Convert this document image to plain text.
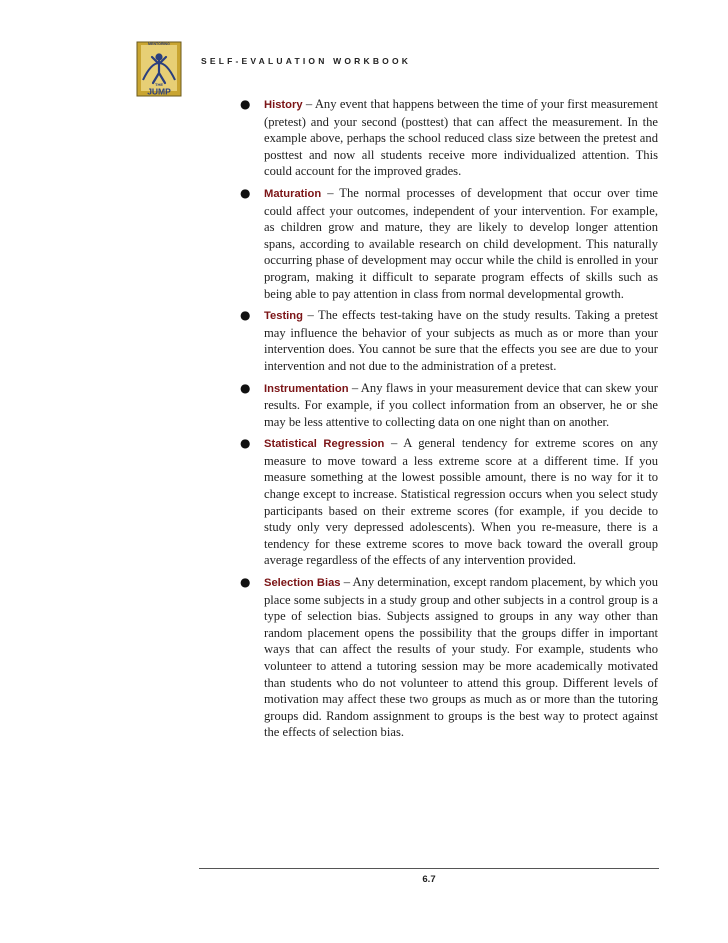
MENTORING
THE
JUMP
SELF-EVALUATION WORKBOOK
● History – Any event that happens between the time of your first measurement (pretest) and your second (posttest) that can affect the measurement. In the example above, perhaps the school reduced class size between the pretest and posttest and now all students receive more individualized attention. This could account for the improved grades.
● Maturation – The normal processes of development that occur over time could affect your outcomes, independent of your intervention. For example, as children grow and mature, they are likely to develop longer attention spans, according to available research on child development. This naturally occurring phase of development may occur while the child is enrolled in your program, making it difficult to separate program effects of skills such as being able to pay attention in class from normal developmental growth.
● Testing – The effects test-taking have on the study results. Taking a pretest may influence the behavior of your subjects as much as or more than your intervention does. You cannot be sure that the effects you see are due to your intervention and not due to the administration of a pretest.
● Instrumentation – Any flaws in your measurement device that can skew your results. For example, if you collect information from an observer, he or she may be less attentive to collecting data on one night than on another.
● Statistical Regression – A general tendency for extreme scores on any measure to move toward a less extreme score at a different time. If you measure something at the lowest possible amount, there is no way for it to change except to increase. Statistical regression occurs when you select study participants based on their extreme scores (for example, if you decide to study only very depressed adolescents). When you re-measure, there is a tendency for these extreme scores to move back toward the overall group average regardless of the effects of any intervention provided.
● Selection Bias – Any determination, except random placement, by which you place some subjects in a study group and other subjects in a control group is a type of selection bias. Subjects assigned to groups in any way other than random placement opens the possibility that the groups differ in important ways that can affect the results of your study. For example, students who volunteer to attend a tutoring session may be more academically motivated than students who do not volunteer to attend this group. Different levels of motivation may affect these two groups as much as or more than the tutoring groups did. Random assignment to groups is the best way to protect against the effects of selection bias.
6.7
